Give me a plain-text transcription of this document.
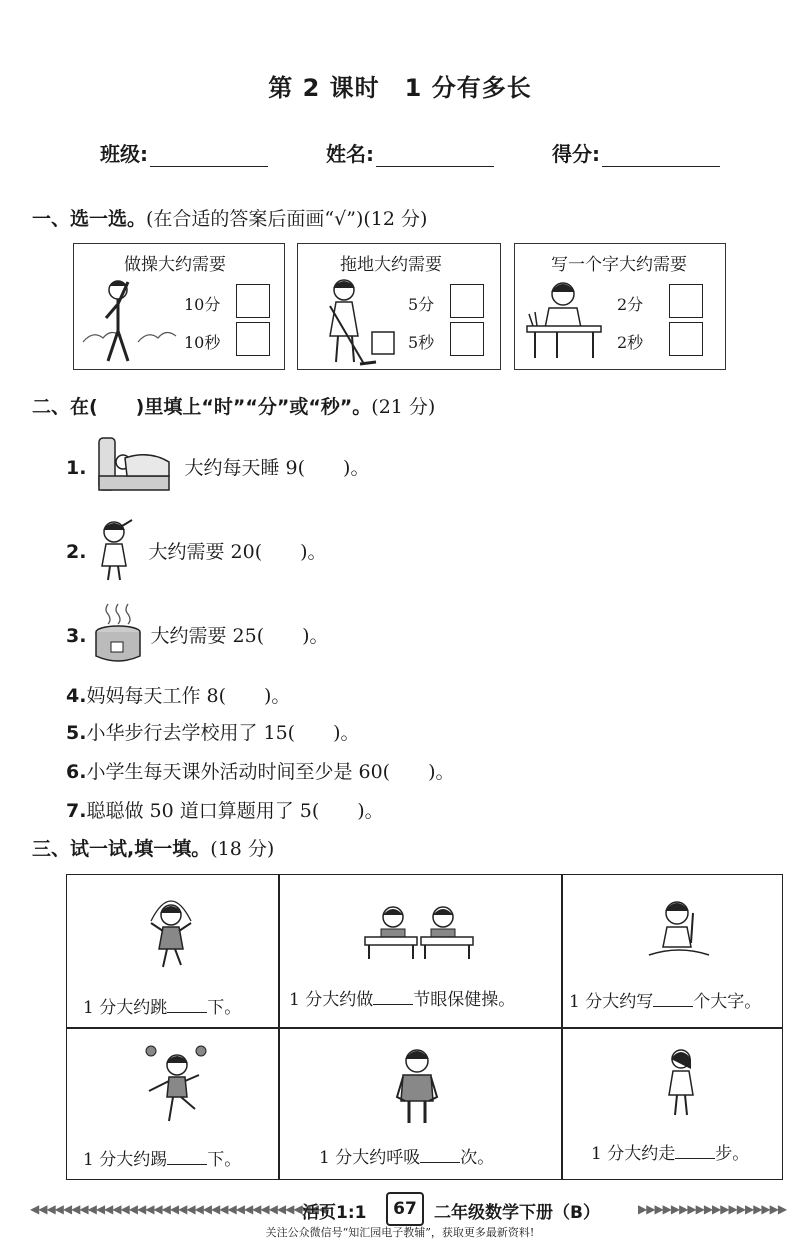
第 2 课时　1 分有多长
班级:	姓名:	得分:
一、选一选。(在合适的答案后面画“√”)(12 分)
做操大约需要
10分
10秒
拖地大约需要
5分
5秒
写一个字大约需要
2分
2秒
二、在(　　)里填上“时”“分”或“秒”。(21 分)
1.	大约每天睡 9(　　)。
2.	大约需要 20(　　)。
3.	大约需要 25(　　)。
4.妈妈每天工作 8(　　)。
5.小华步行去学校用了 15(　　)。
6.小学生每天课外活动时间至少是 60(　　)。
7.聪聪做 50 道口算题用了 5(　　)。
三、试一试,填一填。(18 分)
1 分大约跳 下。	1 分大约做 节眼保健操。	1 分大约写 个大字。
1 分大约踢 下。	1 分大约呼吸 次。	1 分大约走 步。
◀◀◀◀◀◀◀◀◀◀◀◀◀◀◀◀◀◀◀◀◀◀◀◀◀◀◀◀◀◀◀◀◀◀◀◀
活页1:1	67	二年级数学下册（B）	▶▶▶▶▶▶▶▶▶▶▶▶▶▶▶▶▶▶
关注公众微信号“知汇园电子教辅”，获取更多最新资料!
